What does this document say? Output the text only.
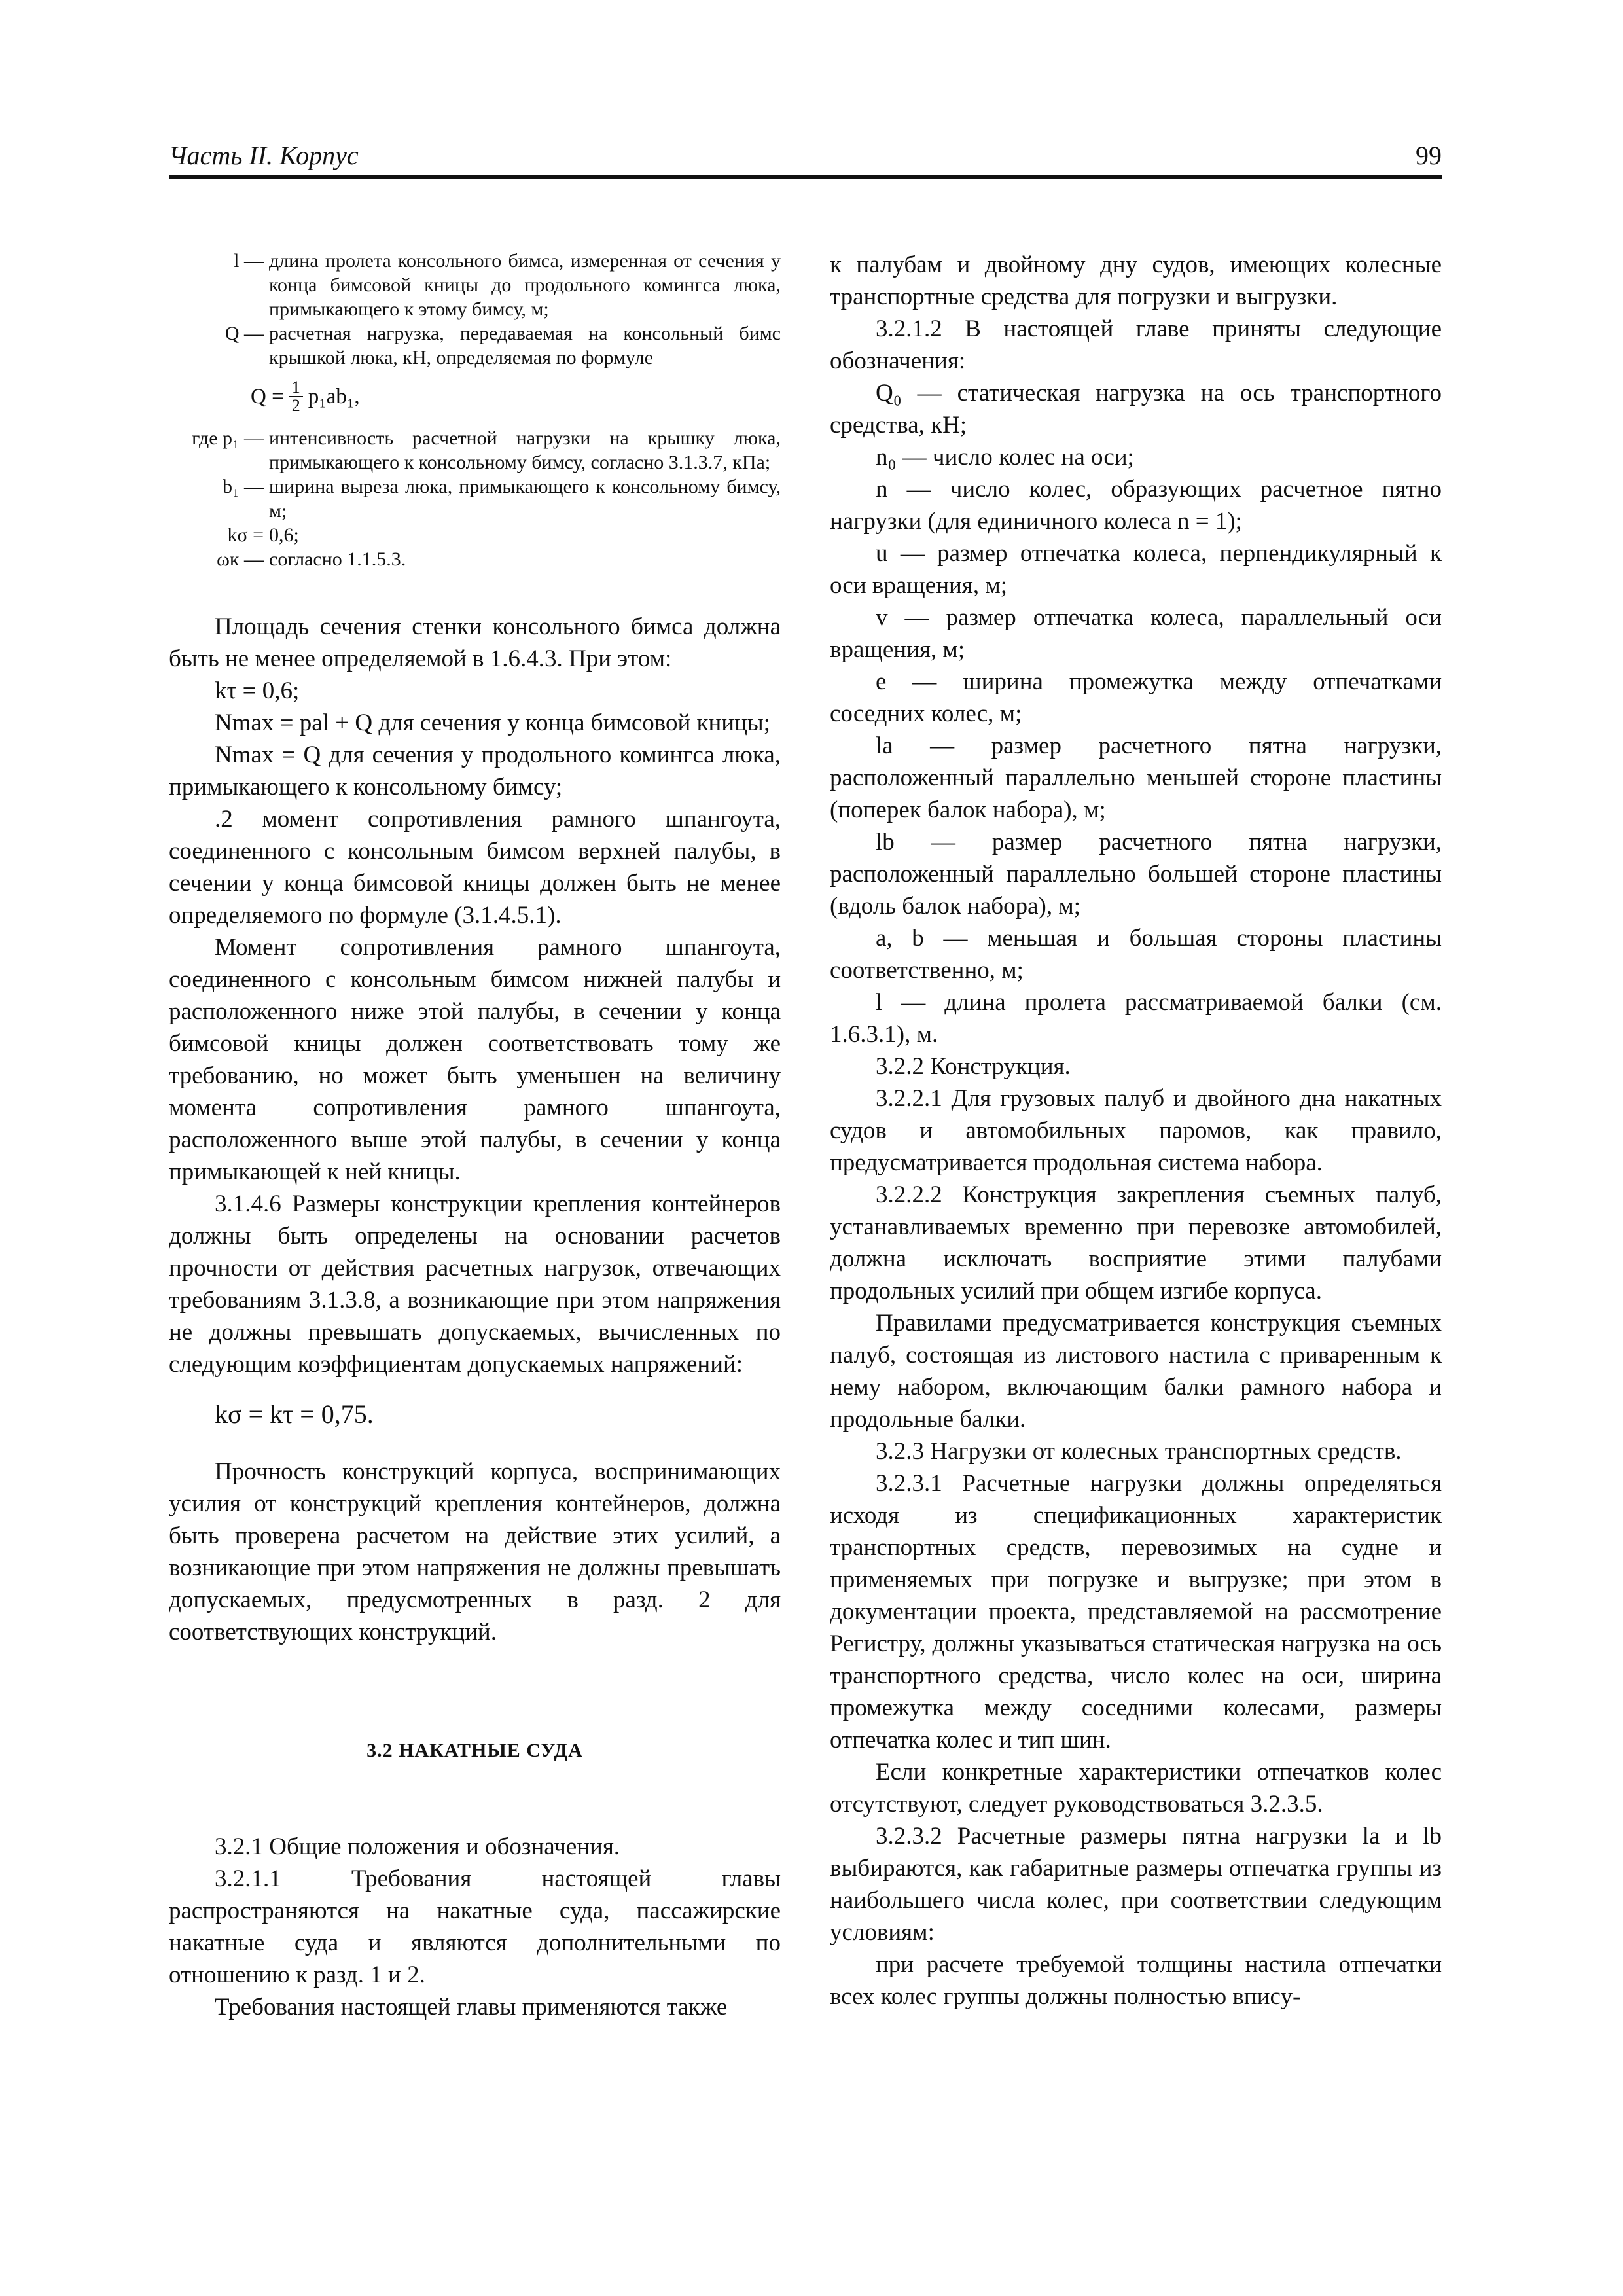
Часть II. Корпус	99
l — длина пролета консольного бимса, измеренная от сечения у конца бимсовой кницы до продольного комингса люка, примыкающего к этому бимсу, м;
Q — расчетная нагрузка, передаваемая на консольный бимс крышкой люка, кН, определяемая по формуле
$Q = \frac{1}{2} p_1ab_1$,
где p₁ — интенсивность расчетной нагрузки на крышку люка, примыкающего к консольному бимсу, согласно 3.1.3.7, кПа;
b₁ — ширина выреза люка, примыкающего к консольному бимсу, м;
kσ = 0,6;
ωк — согласно 1.1.5.3.

Площадь сечения стенки консольного бимса должна быть не менее определяемой в 1.6.4.3. При этом:

kτ = 0,6;

Nmax = pal + Q для сечения у конца бимсовой кницы;

Nmax = Q для сечения у продольного комингса люка, примыкающего к консольному бимсу;

.2 момент сопротивления рамного шпангоута, соединенного с консольным бимсом верхней палубы, в сечении у конца бимсовой кницы должен быть не менее определяемого по формуле (3.1.4.5.1).

Момент сопротивления рамного шпангоута, соединенного с консольным бимсом нижней палубы и расположенного ниже этой палубы, в сечении у конца бимсовой кницы должен соответствовать тому же требованию, но может быть уменьшен на величину момента сопротивления рамного шпангоута, расположенного выше этой палубы, в сечении у конца примыкающей к ней кницы.

3.1.4.6 Размеры конструкции крепления контейнеров должны быть определены на основании расчетов прочности от действия расчетных нагрузок, отвечающих требованиям 3.1.3.8, а возникающие при этом напряжения не должны превышать допускаемых, вычисленных по следующим коэффициентам допускаемых напряжений:

kσ = kτ = 0,75.

Прочность конструкций корпуса, воспринимающих усилия от конструкций крепления контейнеров, должна быть проверена расчетом на действие этих усилий, а возникающие при этом напряжения не должны превышать допускаемых, предусмотренных в разд. 2 для соответствующих конструкций.

3.2 НАКАТНЫЕ СУДА

3.2.1 Общие положения и обозначения.

3.2.1.1 Требования настоящей главы распространяются на накатные суда, пассажирские накатные суда и являются дополнительными по отношению к разд. 1 и 2.

Требования настоящей главы применяются также

к палубам и двойному дну судов, имеющих колесные транспортные средства для погрузки и выгрузки.

3.2.1.2 В настоящей главе приняты следующие обозначения:

Q₀ — статическая нагрузка на ось транспортного средства, кН;

n₀ — число колес на оси;

n — число колес, образующих расчетное пятно нагрузки (для единичного колеса n = 1);

u — размер отпечатка колеса, перпендикулярный к оси вращения, м;

v — размер отпечатка колеса, параллельный оси вращения, м;

e — ширина промежутка между отпечатками соседних колес, м;

la — размер расчетного пятна нагрузки, расположенный параллельно меньшей стороне пластины (поперек балок набора), м;

lb — размер расчетного пятна нагрузки, расположенный параллельно большей стороне пластины (вдоль балок набора), м;

a, b — меньшая и большая стороны пластины соответственно, м;

l — длина пролета рассматриваемой балки (см. 1.6.3.1), м.

3.2.2 Конструкция.

3.2.2.1 Для грузовых палуб и двойного дна накатных судов и автомобильных паромов, как правило, предусматривается продольная система набора.

3.2.2.2 Конструкция закрепления съемных палуб, устанавливаемых временно при перевозке автомобилей, должна исключать восприятие этими палубами продольных усилий при общем изгибе корпуса.

Правилами предусматривается конструкция съемных палуб, состоящая из листового настила с приваренным к нему набором, включающим балки рамного набора и продольные балки.

3.2.3 Нагрузки от колесных транспортных средств.

3.2.3.1 Расчетные нагрузки должны определяться исходя из спецификационных характеристик транспортных средств, перевозимых на судне и применяемых при погрузке и выгрузке; при этом в документации проекта, представляемой на рассмотрение Регистру, должны указываться статическая нагрузка на ось транспортного средства, число колес на оси, ширина промежутка между соседними колесами, размеры отпечатка колес и тип шин.

Если конкретные характеристики отпечатков колес отсутствуют, следует руководствоваться 3.2.3.5.

3.2.3.2 Расчетные размеры пятна нагрузки la и lb выбираются, как габаритные размеры отпечатка группы из наибольшего числа колес, при соответствии следующим условиям:

при расчете требуемой толщины настила отпечатки всех колес группы должны полностью впису-
